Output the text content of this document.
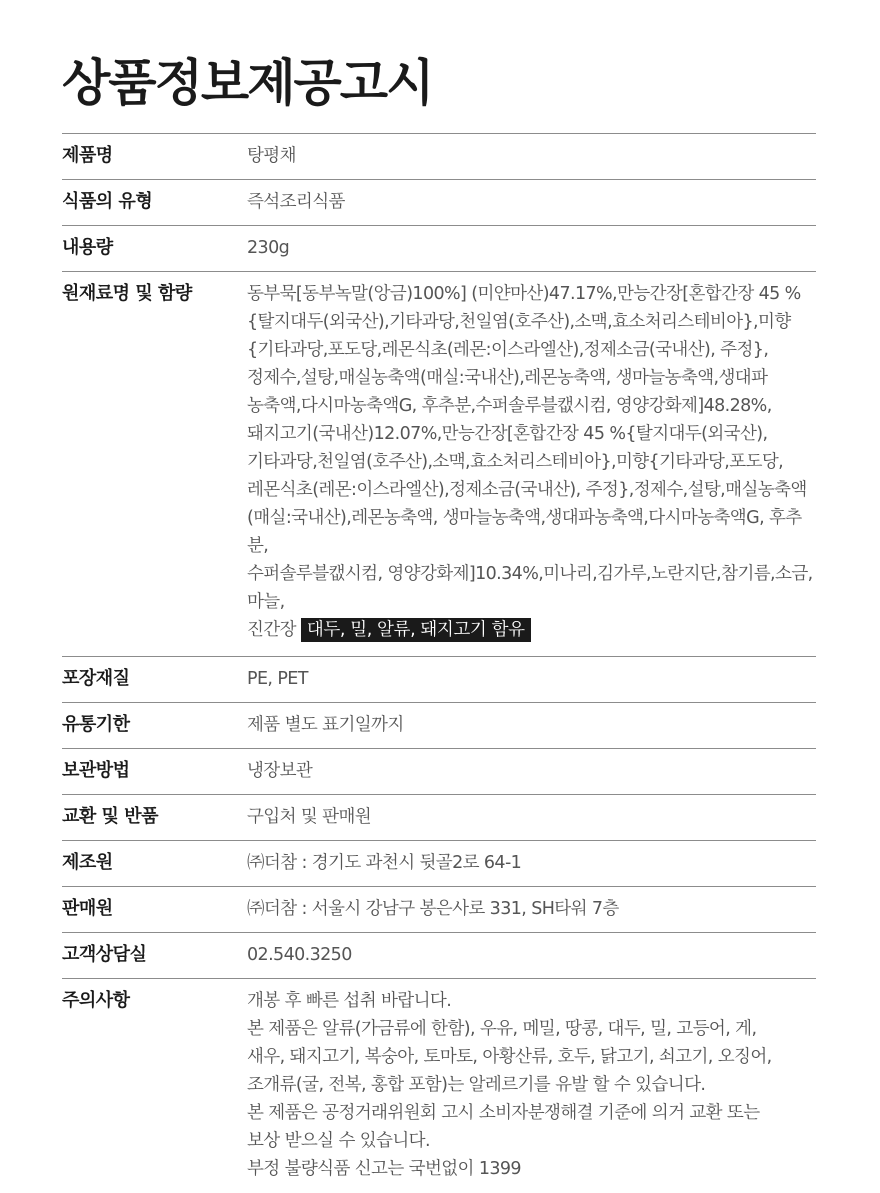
상품정보제공고시
제품명	탕평채
식품의 유형	즉석조리식품
내용량	230g
원재료명 및 함량	동부묵[동부녹말(앙금)100%] (미얀마산)47.17%,만능간장[혼합간장 45 %
{탈지대두(외국산),기타과당,천일염(호주산),소맥,효소처리스테비아},미향
{기타과당,포도당,레몬식초(레몬:이스라엘산),정제소금(국내산), 주정},
정제수,설탕,매실농축액(매실:국내산),레몬농축액, 생마늘농축액,생대파
농축액,다시마농축액G, 후추분,수퍼솔루블캢시컴, 영양강화제]48.28%,
돼지고기(국내산)12.07%,만능간장[혼합간장 45 %{탈지대두(외국산),
기타과당,천일염(호주산),소맥,효소처리스테비아},미향{기타과당,포도당,
레몬식초(레몬:이스라엘산),정제소금(국내산), 주정},정제수,설탕,매실농축액
(매실:국내산),레몬농축액, 생마늘농축액,생대파농축액,다시마농축액G, 후추분,
수퍼솔루블캢시컴, 영양강화제]10.34%,미나리,김가루,노란지단,참기름,소금,마늘,
진간장 대두, 밀, 알류, 돼지고기 함유
포장재질	PE, PET
유통기한	제품 별도 표기일까지
보관방법	냉장보관
교환 및 반품	구입처 및 판매원
제조원	㈜더참 : 경기도 과천시 뒷골2로 64-1
판매원	㈜더참 : 서울시 강남구 봉은사로 331, SH타워 7층
고객상담실	02.540.3250
주의사항	개봉 후 빠른 섭취 바랍니다.
본 제품은 알류(가금류에 한함), 우유, 메밀, 땅콩, 대두, 밀, 고등어, 게,
새우, 돼지고기, 복숭아, 토마토, 아황산류, 호두, 닭고기, 쇠고기, 오징어,
조개류(굴, 전복, 홍합 포함)는 알레르기를 유발 할 수 있습니다.
본 제품은 공정거래위원회 고시 소비자분쟁해결 기준에 의거 교환 또는
보상 받으실 수 있습니다.
부정 불량식품 신고는 국번없이 1399
